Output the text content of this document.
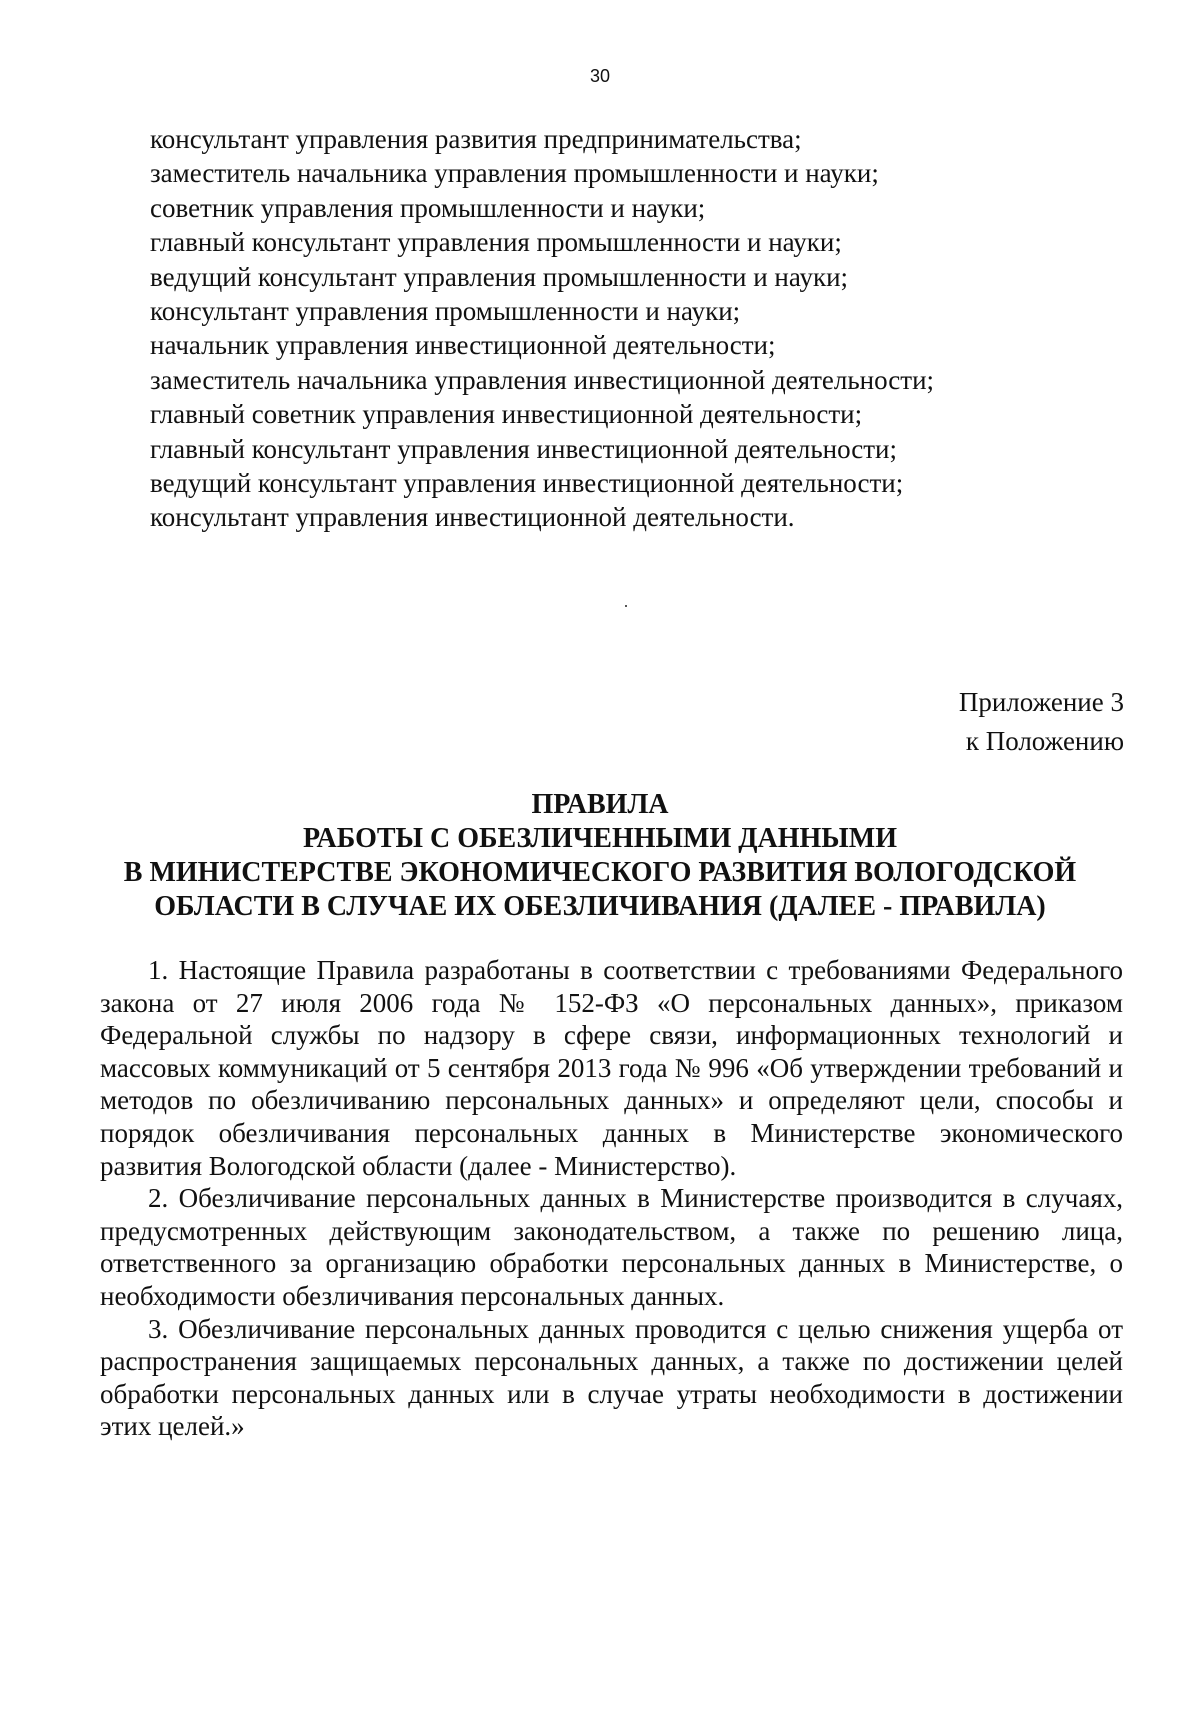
30
консультант управления развития предпринимательства;
заместитель начальника управления промышленности и науки;
советник управления промышленности и науки;
главный консультант управления промышленности и науки;
ведущий консультант управления промышленности и науки;
консультант управления промышленности и науки;
начальник управления инвестиционной деятельности;
заместитель начальника управления инвестиционной деятельности;
главный советник управления инвестиционной деятельности;
главный консультант управления инвестиционной деятельности;
ведущий консультант управления инвестиционной деятельности;
консультант управления инвестиционной деятельности.
Приложение 3
к Положению
ПРАВИЛА
РАБОТЫ С ОБЕЗЛИЧЕННЫМИ ДАННЫМИ
В МИНИСТЕРСТВЕ ЭКОНОМИЧЕСКОГО РАЗВИТИЯ ВОЛОГОДСКОЙ
ОБЛАСТИ В СЛУЧАЕ ИХ ОБЕЗЛИЧИВАНИЯ (ДАЛЕЕ - ПРАВИЛА)

1. Настоящие Правила разработаны в соответствии с требованиями Федерального закона от 27 июля 2006 года № 152-ФЗ «О персональных данных», приказом Федеральной службы по надзору в сфере связи, информационных технологий и массовых коммуникаций от 5 сентября 2013 года № 996 «Об утверждении требований и методов по обезличиванию персональных данных» и определяют цели, способы и порядок обезличивания персональных данных в Министерстве экономического развития Вологодской области (далее - Министерство).

2. Обезличивание персональных данных в Министерстве производится в случаях, предусмотренных действующим законодательством, а также по решению лица, ответственного за организацию обработки персональных данных в Министерстве, о необходимости обезличивания персональных данных.

3. Обезличивание персональных данных проводится с целью снижения ущерба от распространения защищаемых персональных данных, а также по достижении целей обработки персональных данных или в случае утраты необходимости в достижении этих целей.»
